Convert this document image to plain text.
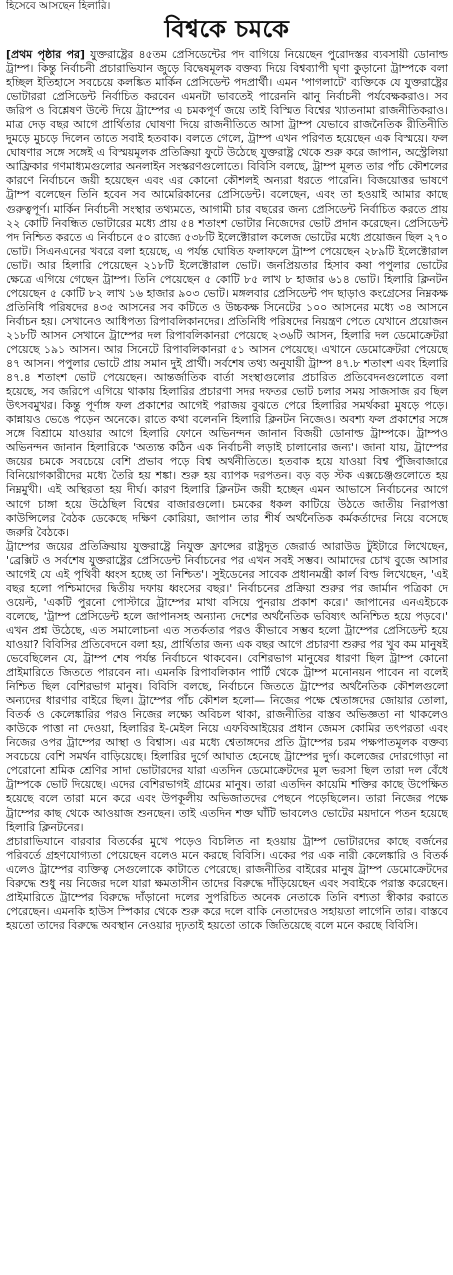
হিসেবে আসছেন হিলারি।
বিশ্বকে চমকে

[প্রথম পৃষ্ঠার পর] যুক্তরাষ্ট্রের ৪৫তম প্রেসিডেন্টের পদ বাগিয়ে নিয়েছেন পুরোদস্তর ব্যবসায়ী ডোনাল্ড ট্রাম্প। কিন্তু নির্বাচনী প্রচারাভিযান জুড়ে বিদ্বেষমূলক বক্তব্য দিয়ে বিশ্বব্যাপী ঘৃণা কুড়ানো ট্রাম্পকে বলা হচ্ছিল ইতিহাসে সবচেয়ে কলঙ্কিত মার্কিন প্রেসিডেন্ট পদপ্রার্থী। এমন 'পাগলাটে' ব্যক্তিকে যে যুক্তরাষ্ট্রের ভোটাররা প্রেসিডেন্ট নির্বাচিত করবেন এমনটা ভাবতেই পারেননি ঝানু নির্বাচনী পর্যবেক্ষকরাও। সব জরিপ ও বিশ্লেষণ উল্টে দিয়ে ট্রাম্পের এ চমকপূর্ণ জয়ে তাই বিস্মিত বিশ্বের খ্যাতনামা রাজনীতিকরাও। মাত্র দেড় বছর আগে প্রার্থিতার ঘোষণা দিয়ে রাজনীতিতে আসা ট্রাম্প যেভাবে রাজনৈতিক রীতিনীতি দুমড়ে মুচড়ে দিলেন তাতে সবাই হতবাক। বলতে গেলে, ট্রাম্প এখন পরিণত হয়েছেন এক বিস্ময়ে। ফল ঘোষণার সঙ্গে সঙ্গেই এ বিস্ময়মূলক প্রতিক্রিয়া ফুটে উঠেছে যুক্তরাষ্ট্র থেকে শুরু করে জাপান, অস্ট্রেলিয়া আফ্রিকার গণমাধ্যমগুলোর অনলাইন সংস্করণগুলোতে। বিবিসি বলছে, ট্রাম্প মূলত তার পাঁচ কৌশলের কারণে নির্বাচনে জয়ী হয়েছেন এবং এর কোনো কৌশলই অন্যরা ধরতে পারেনি। বিজয়োত্তর ভাষণে ট্রাম্প বলেছেন তিনি হবেন সব আমেরিকানের প্রেসিডেন্ট। বলেছেন, এবং তা হওয়াই আমার কাছে গুরুত্বপূর্ণ। মার্কিন নির্বাচনী সংস্থার তথ্যমতে, আগামী চার বছরের জন্য প্রেসিডেন্ট নির্বাচিত করতে প্রায় ২২ কোটি নিবন্ধিত ভোটারের মধ্যে প্রায় ৫৪ শতাংশ ভোটার নিজেদের ভোট প্রদান করেছেন। প্রেসিডেন্ট পদ নিশ্চিত করতে এ নির্বাচনে ৫০ রাজ্যে ৫৩৮টি ইলেক্টোরাল কলেজ ভোটের মধ্যে প্রয়োজন ছিল ২৭০ ভোট। সিএনএনের খবরে বলা হয়েছে, এ পর্যন্ত ঘোষিত ফলাফলে ট্রাম্প পেয়েছেন ২৮৯টি ইলেক্টোরাল ভোট। আর হিলারি পেয়েছেন ২১৮টি ইলেক্টোরাল ভোট। জনপ্রিয়তার হিসাব কষা পপুলার ভোটের ক্ষেত্রে এগিয়ে গেছেন ট্রাম্প। তিনি পেয়েছেন ৫ কোটি ৮৫ লাখ ৮ হাজার ৬১৪ ভোট। হিলারি ক্লিনটন পেয়েছেন ৫ কোটি ৮২ লাখ ১৬ হাজার ৯০৩ ভোট। মঙ্গলবার প্রেসিডেন্ট পদ ছাড়াও কংগ্রেসের নিম্নকক্ষ প্রতিনিধি পরিষদের ৪৩৫ আসনের সব কটিতে ও উচ্চকক্ষ সিনেটের ১০০ আসনের মধ্যে ৩৪ আসনে নির্বাচন হয়। সেখানেও আধিপত্য রিপাবলিকানদের। প্রতিনিধি পরিষদের নিয়ন্ত্রণ পেতে যেখানে প্রয়োজন ২১৮টি আসন সেখানে ট্রাম্পের দল রিপাবলিকানরা পেয়েছে ২৩৬টি আসন, হিলারি দল ডেমোক্রেটরা পেয়েছে ১৯১ আসন। আর সিনেটে রিপাবলিকানরা ৫১ আসন পেয়েছে। এখানে ডেমোক্রেটরা পেয়েছে ৪৭ আসন। পপুলার ভোটে প্রায় সমান দুই প্রার্থী। সর্বশেষ তথ্য অনুযায়ী ট্রাম্প ৪৭.৮ শতাংশ এবং হিলারি ৪৭.৪ শতাংশ ভোট পেয়েছেন। আন্তর্জাতিক বার্তা সংস্থাগুলোর প্রচারিত প্রতিবেদনগুলোতে বলা হয়েছে, সব জরিপে এগিয়ে থাকায় হিলারির প্রচারণা সদর দফতর ভোট চলার সময় সাজসাজ রব ছিল উৎসবমুখর। কিন্তু পূর্ণাঙ্গ ফল প্রকাশের আগেই পরাজয় বুঝতে পেরে হিলারির সমর্থকরা মুষড়ে পড়ে। কান্নায়ও ভেঙে পড়েন অনেকে। রাতে কথা বলেননি হিলারি ক্লিনটন নিজেও। অবশ্য ফল প্রকাশের সঙ্গে সঙ্গে বিশ্রামে যাওয়ার আগে হিলারি ফোনে অভিনন্দন জানান বিজয়ী ডোনাল্ড ট্রাম্পকে। ট্রাম্পও অভিনন্দন জানান হিলারিকে 'অত্যন্ত কঠিন এক নির্বাচনী লড়াই চালানোর জন্য'। জানা যায়, ট্রাম্পের জয়ের চমকে সবচেয়ে বেশি প্রভাব পড়ে বিশ্ব অর্থনীতিতে। হতবাক হয়ে যাওয়া বিশ্ব পুঁজিবাজারে বিনিয়োগকারীদের মধ্যে তৈরি হয় শঙ্কা। শুরু হয় ব্যাপক দরপতন। বড় বড় স্টক এক্সচেঞ্জগুলোতে হয় নিম্নমুখী। এই অস্থিরতা হয় দীর্ঘ। কারণ হিলারি ক্লিনটন জয়ী হচ্ছেন এমন আভাসে নির্বাচনের আগে আগে চাঙ্গা হয়ে উঠেছিল বিশ্বের বাজারগুলো। চমকের ধকল কাটিয়ে উঠতে জাতীয় নিরাপত্তা কাউন্সিলের বৈঠক ডেকেছে দক্ষিণ কোরিয়া, জাপান তার শীর্ষ অর্থনৈতিক কর্মকর্তাদের নিয়ে বসেছে জরুরি বৈঠকে।

ট্রাম্পের জয়ের প্রতিক্রিয়ায় যুক্তরাষ্ট্রে নিযুক্ত ফ্রান্সের রাষ্ট্রদূত জেরার্ড আরাউড টুইটারে লিখেছেন, 'ব্রেক্সিট ও সর্বশেষ যুক্তরাষ্ট্রের প্রেসিডেন্ট নির্বাচনের পর এখন সবই সম্ভব। আমাদের চোখ বুজে আসার আগেই যে এই পৃথিবী ধ্বংস হচ্ছে তা নিশ্চিত'। সুইডেনের সাবেক প্রধানমন্ত্রী কার্ল বিল্ড লিখেছেন, 'এই বছর হলো পশ্চিমাদের দ্বিতীয় দফায় ধ্বংসের বছর।' নির্বাচনের প্রক্রিয়া শুরুর পর জার্মান পত্রিকা দে ওয়েল্ট, 'একটি পুরনো পোস্টারে ট্রাম্পের মাথা বসিয়ে পুনরায় প্রকাশ করে।' জাপানের এনএইচকে বলেছে, 'ট্রাম্প প্রেসিডেন্ট হলে জাপানসহ অন্যান্য দেশের অর্থনৈতিক ভবিষ্যৎ অনিশ্চিত হয়ে পড়বে।' এখন প্রশ্ন উঠেছে, এত সমালোচনা এত সতর্কতার পরও কীভাবে সম্ভব হলো ট্রাম্পের প্রেসিডেন্ট হয়ে যাওয়া? বিবিসির প্রতিবেদনে বলা হয়, প্রার্থিতার জন্য এক বছর আগে প্রচারণা শুরুর পর খুব কম মানুষই ভেবেছিলেন যে, ট্রাম্প শেষ পর্যন্ত নির্বাচনে থাকবেন। বেশিরভাগ মানুষের ধারণা ছিল ট্রাম্প কোনো প্রাইমারিতে জিততে পারবেন না। এমনকি রিপাবলিকান পার্টি থেকে ট্রাম্প মনোনয়ন পাবেন না বলেই নিশ্চিত ছিল বেশিরভাগ মানুষ। বিবিসি বলছে, নির্বাচনে জিততে ট্রাম্পের অর্থনৈতিক কৌশলগুলো অন্যদের ধারণার বাইরে ছিল। ট্রাম্পের পাঁচ কৌশল হলো— নিজের পক্ষে শ্বেতাঙ্গদের জোয়ার তোলা, বিতর্ক ও কেলেঙ্কারির পরও নিজের লক্ষ্যে অবিচল থাকা, রাজনীতির বাস্তব অভিজ্ঞতা না থাকলেও কাউকে পাত্তা না দেওয়া, হিলারির ই-মেইল নিয়ে এফবিআইয়ের প্রধান জেমস কোমির তৎপরতা এবং নিজের ওপর ট্রাম্পের আস্থা ও বিশ্বাস। এর মধ্যে শ্বেতাঙ্গদের প্রতি ট্রাম্পের চরম পক্ষপাতমূলক বক্তব্য সবচেয়ে বেশি সমর্থন বাড়িয়েছে। হিলারির দুর্গে আঘাত হেনেছে ট্রাম্পের দুর্গ। কলেজের দোরগোড়া না পেরোনো শ্রমিক শ্রেণির সাদা ভোটারদের যারা এতদিন ডেমোক্রেটদের মূল ভরসা ছিল তারা দল বেঁধে ট্রাম্পকে ভোট দিয়েছে। এদের বেশিরভাগই গ্রামের মানুষ। তারা এতদিন কায়েমি শক্তির কাছে উপেক্ষিত হয়েছে বলে তারা মনে করে এবং উপকূলীয় অভিজাতদের পেছনে পড়েছিলেন। তারা নিজের পক্ষে ট্রাম্পের কাছ থেকে আওয়াজ শুনছেন। তাই এতদিন শক্ত ঘাঁটি ভাবলেও ভোটের ময়দানে পতন হয়েছে হিলারি ক্লিনটনের।

প্রচারাভিযানে বারবার বিতর্কের মুখে পড়েও বিচলিত না হওয়ায় ট্রাম্প ভোটারদের কাছে বর্জনের পরিবর্তে গ্রহণযোগ্যতা পেয়েছেন বলেও মনে করছে বিবিসি। একের পর এক নারী কেলেঙ্কারি ও বিতর্ক এলেও ট্রাম্পের ব্যক্তিত্ব সেগুলোকে কাটাতে পেরেছে। রাজনীতির বাইরের মানুষ ট্রাম্প ডেমোক্রেটদের বিরুদ্ধে শুধু নয় নিজের দলে যারা ক্ষমতাসীন তাদের বিরুদ্ধে দাঁড়িয়েছেন এবং সবাইকে পরাস্ত করেছেন। প্রাইমারিতে ট্রাম্পের বিরুদ্ধে দাঁড়ানো দলের সুপরিচিত অনেক নেতাকে তিনি বশ্যতা স্বীকার করাতে পেরেছেন। এমনকি হাউস স্পিকার থেকে শুরু করে দলে বাকি নেতাদেরও সহায়তা লাগেনি তার। বাস্তবে হয়তো তাদের বিরুদ্ধে অবস্থান নেওয়ার দৃঢ়তাই হয়তো তাকে জিতিয়েছে বলে মনে করছে বিবিসি।
